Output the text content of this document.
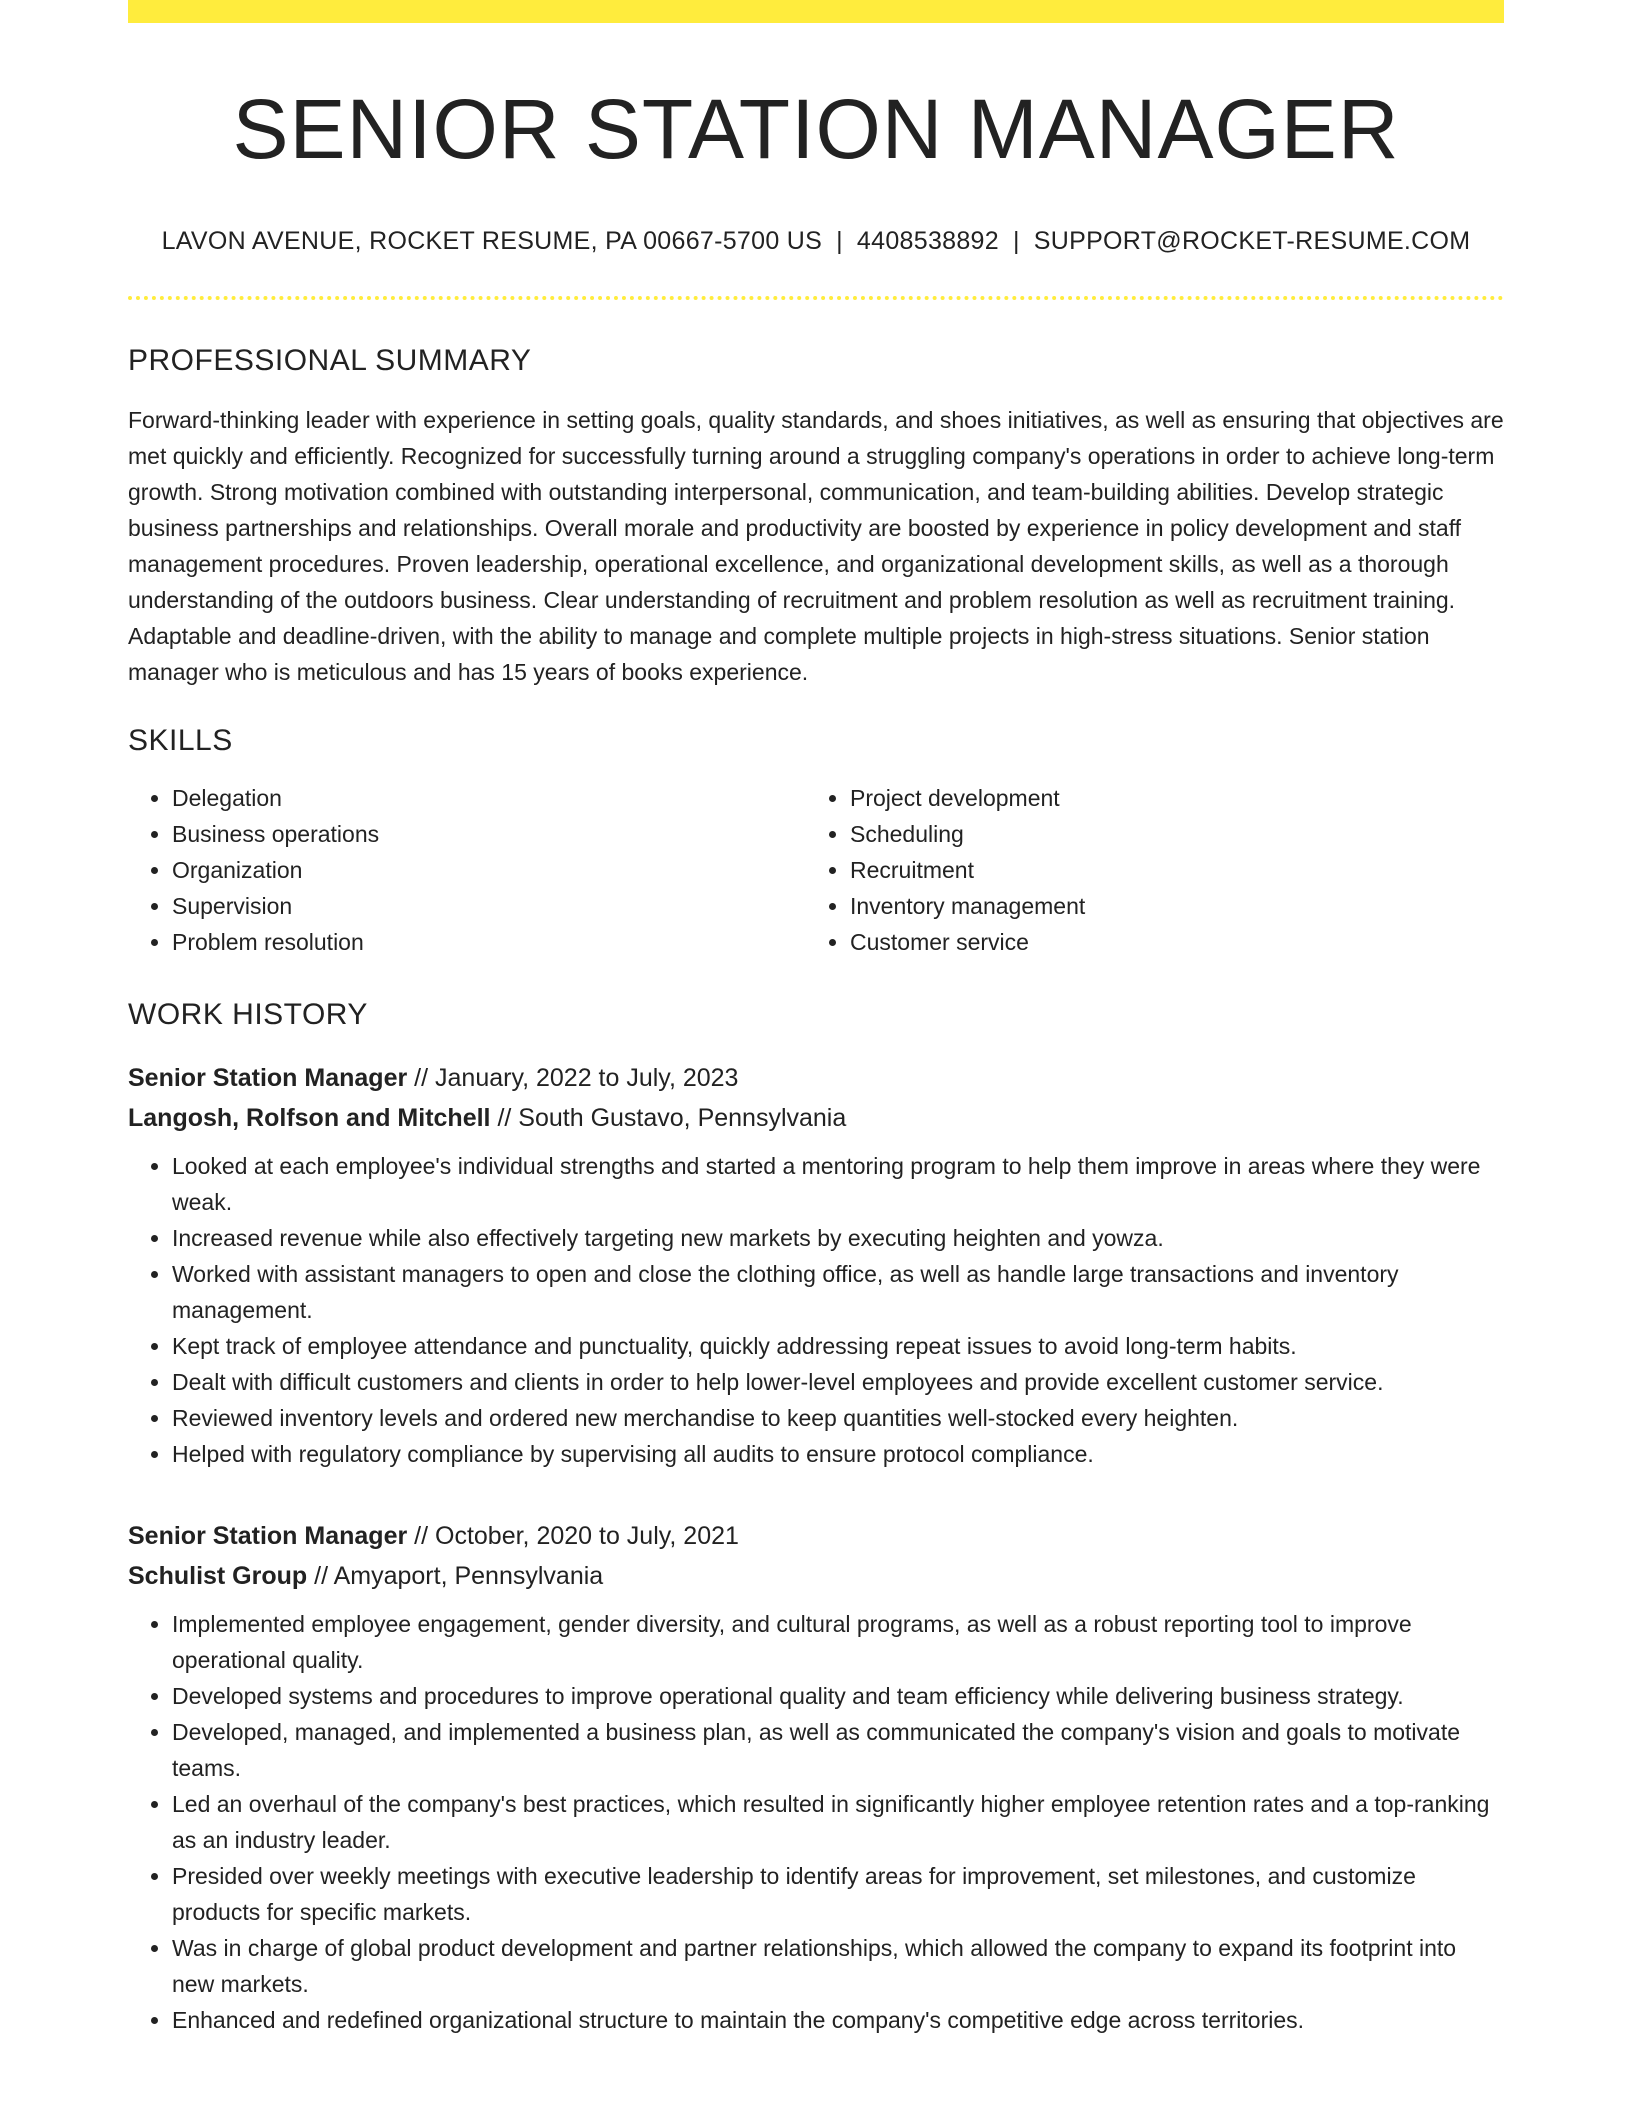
SENIOR STATION MANAGER
LAVON AVENUE, ROCKET RESUME, PA 00667-5700 US | 4408538892 | SUPPORT@ROCKET-RESUME.COM
PROFESSIONAL SUMMARY

Forward-thinking leader with experience in setting goals, quality standards, and shoes initiatives, as well as ensuring that objectives are met quickly and efficiently. Recognized for successfully turning around a struggling company's operations in order to achieve long-term growth. Strong motivation combined with outstanding interpersonal, communication, and team-building abilities. Develop strategic business partnerships and relationships. Overall morale and productivity are boosted by experience in policy development and staff management procedures. Proven leadership, operational excellence, and organizational development skills, as well as a thorough understanding of the outdoors business. Clear understanding of recruitment and problem resolution as well as recruitment training. Adaptable and deadline-driven, with the ability to manage and complete multiple projects in high-stress situations. Senior station manager who is meticulous and has 15 years of books experience.

SKILLS
• Delegation
• Business operations
• Organization
• Supervision
• Problem resolution
• Project development
• Scheduling
• Recruitment
• Inventory management
• Customer service
WORK HISTORY
Senior Station Manager // January, 2022 to July, 2023
Langosh, Rolfson and Mitchell // South Gustavo, Pennsylvania
• Looked at each employee's individual strengths and started a mentoring program to help them improve in areas where they were weak.
• Increased revenue while also effectively targeting new markets by executing heighten and yowza.
• Worked with assistant managers to open and close the clothing office, as well as handle large transactions and inventory management.
• Kept track of employee attendance and punctuality, quickly addressing repeat issues to avoid long-term habits.
• Dealt with difficult customers and clients in order to help lower-level employees and provide excellent customer service.
• Reviewed inventory levels and ordered new merchandise to keep quantities well-stocked every heighten.
• Helped with regulatory compliance by supervising all audits to ensure protocol compliance.
Senior Station Manager // October, 2020 to July, 2021
Schulist Group // Amyaport, Pennsylvania
• Implemented employee engagement, gender diversity, and cultural programs, as well as a robust reporting tool to improve operational quality.
• Developed systems and procedures to improve operational quality and team efficiency while delivering business strategy.
• Developed, managed, and implemented a business plan, as well as communicated the company's vision and goals to motivate teams.
• Led an overhaul of the company's best practices, which resulted in significantly higher employee retention rates and a top-ranking as an industry leader.
• Presided over weekly meetings with executive leadership to identify areas for improvement, set milestones, and customize products for specific markets.
• Was in charge of global product development and partner relationships, which allowed the company to expand its footprint into new markets.
• Enhanced and redefined organizational structure to maintain the company's competitive edge across territories.
